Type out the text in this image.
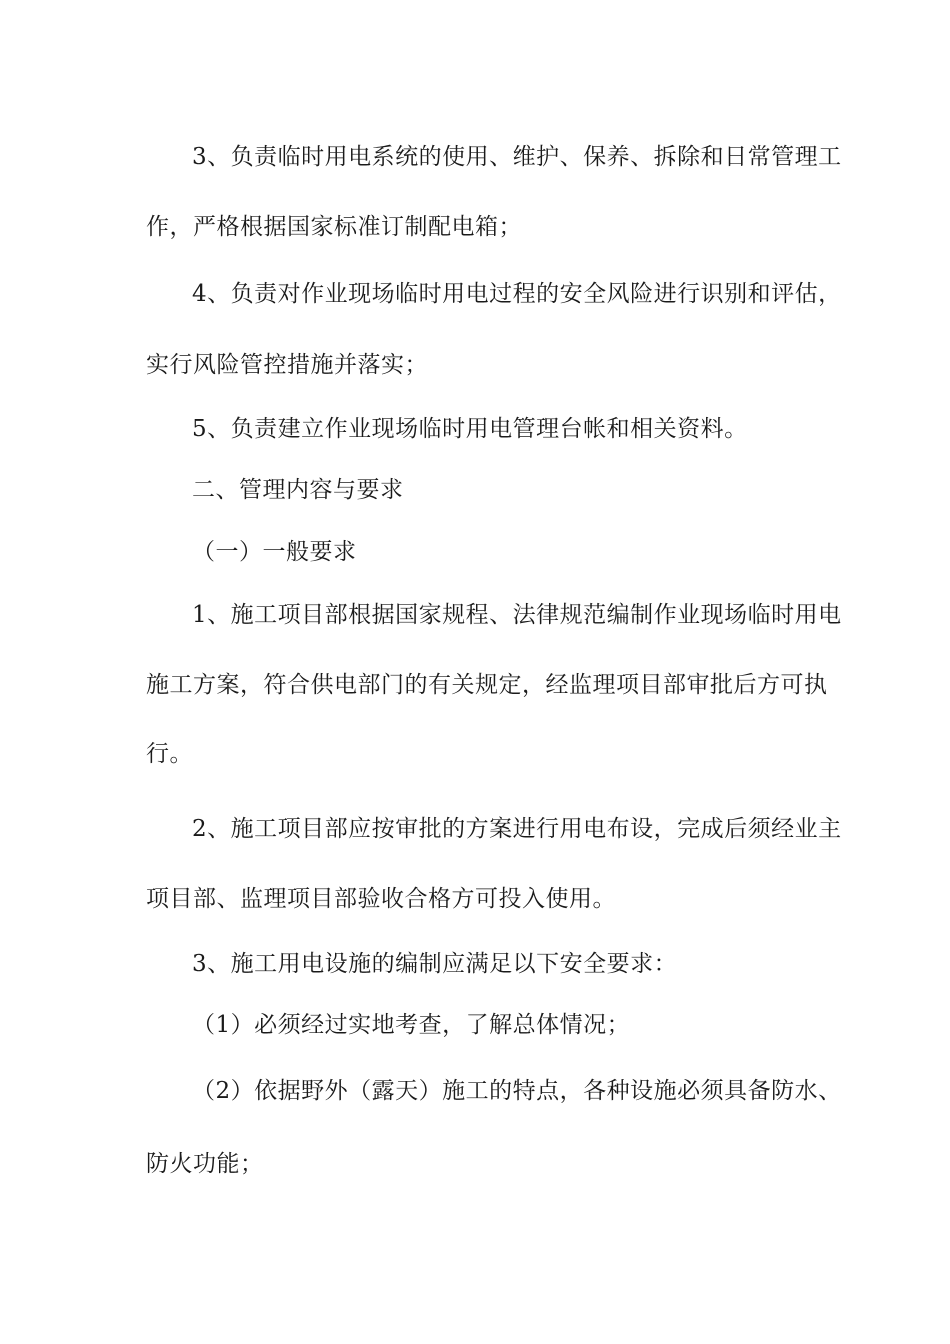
3、负责临时用电系统的使用、维护、保养、拆除和日常管理工
作，严格根据国家标准订制配电箱；
4、负责对作业现场临时用电过程的安全风险进行识别和评估，
实行风险管控措施并落实；
5、负责建立作业现场临时用电管理台帐和相关资料。
二、管理内容与要求
（一）一般要求
1、施工项目部根据国家规程、法律规范编制作业现场临时用电
施工方案，符合供电部门的有关规定，经监理项目部审批后方可执
行。
2、施工项目部应按审批的方案进行用电布设，完成后须经业主
项目部、监理项目部验收合格方可投入使用。
3、施工用电设施的编制应满足以下安全要求：
（1）必须经过实地考查，了解总体情况；
（2）依据野外（露天）施工的特点，各种设施必须具备防水、
防火功能；
